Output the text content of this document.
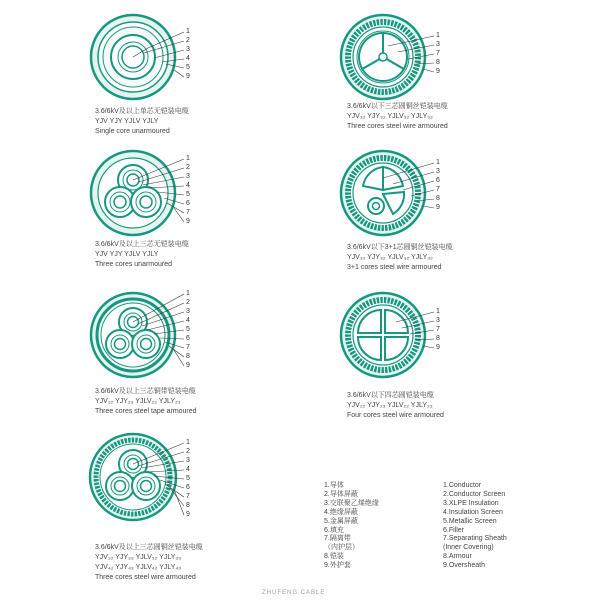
1
2
3
4
5
9
1
3
7
8
9
1
2
3
4
5
6
7
9
1
3
6
7
8
9
1
2
3
4
5
6
7
8
9
1
3
7
8
9
1
2
3
4
5
6
7
8
9
3.6/6kV及以上单芯无铠装电缆
YJV YJY YJLV YJLY
Single core unarmoured
3.6/6kV以下三芯圆铜丝铠装电缆
YJV₃₂ YJY₃₂ YJLV₃₂ YJLY₃₂
Three cores steel wire armoured
3.6/6kV及以上三芯无铠装电缆
YJV YJY YJLV YJLY
Three cores unarmoured
3.6/6kV以下3+1芯圆铜丝铠装电缆
YJV₃₂ YJY₃₂ YJLV₃₂ YJLY₃₂
3+1 cores steel wire armoured
3.6/6kV及以上三芯铜带铠装电缆
YJV₂₂ YJY₂₃ YJLV₂₂ YJLY₂₃
Three cores steel tape armoured
3.6/6kV以下四芯圆铠装电缆
YJV₂₂ YJY₂₃ YJLV₂₂ YJLY₂₃
Four cores steel wire armoured
3.6/6kV及以上三芯圆铜丝铠装电缆
YJV₃₂ YJY₃₃ YJLV₃₂ YJLY₃₃
YJV₄₂ YJY₄₃ YJLV₄₂ YJLY₄₃
Three cores steel wire armoured
1.导体
2.导体屏蔽
3.交联聚乙烯绝缘
4.绝缘屏蔽
5.金属屏蔽
6.填充
7.隔离带
（内护层）
8.铠装
9.外护套
1.Conductor
2.Conductor Screen
3.XLPE Insulation
4.Insulation Screen
5.Metallic Screen
6.Filler
7.Separating Sheath
(Inner Covering)
8.Armour
9.Oversheath
ZHUFENG CABLE
